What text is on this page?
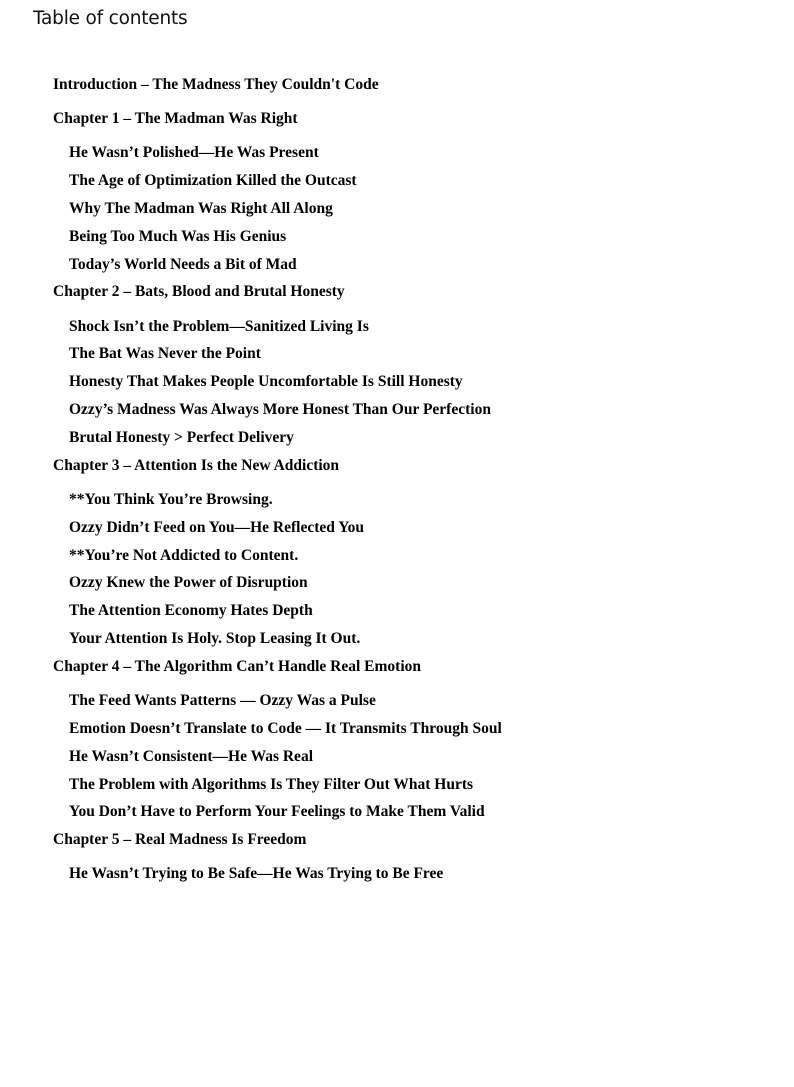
Table of contents
Introduction – The Madness They Couldn't Code
Chapter 1 – The Madman Was Right
He Wasn’t Polished—He Was Present
The Age of Optimization Killed the Outcast
Why The Madman Was Right All Along
Being Too Much Was His Genius
Today’s World Needs a Bit of Mad
Chapter 2 – Bats, Blood and Brutal Honesty
Shock Isn’t the Problem—Sanitized Living Is
The Bat Was Never the Point
Honesty That Makes People Uncomfortable Is Still Honesty
Ozzy’s Madness Was Always More Honest Than Our Perfection
Brutal Honesty > Perfect Delivery
Chapter 3 – Attention Is the New Addiction
**You Think You’re Browsing.
Ozzy Didn’t Feed on You—He Reflected You
**You’re Not Addicted to Content.
Ozzy Knew the Power of Disruption
The Attention Economy Hates Depth
Your Attention Is Holy. Stop Leasing It Out.
Chapter 4 – The Algorithm Can’t Handle Real Emotion
The Feed Wants Patterns — Ozzy Was a Pulse
Emotion Doesn’t Translate to Code — It Transmits Through Soul
He Wasn’t Consistent—He Was Real
The Problem with Algorithms Is They Filter Out What Hurts
You Don’t Have to Perform Your Feelings to Make Them Valid
Chapter 5 – Real Madness Is Freedom
He Wasn’t Trying to Be Safe—He Was Trying to Be Free
